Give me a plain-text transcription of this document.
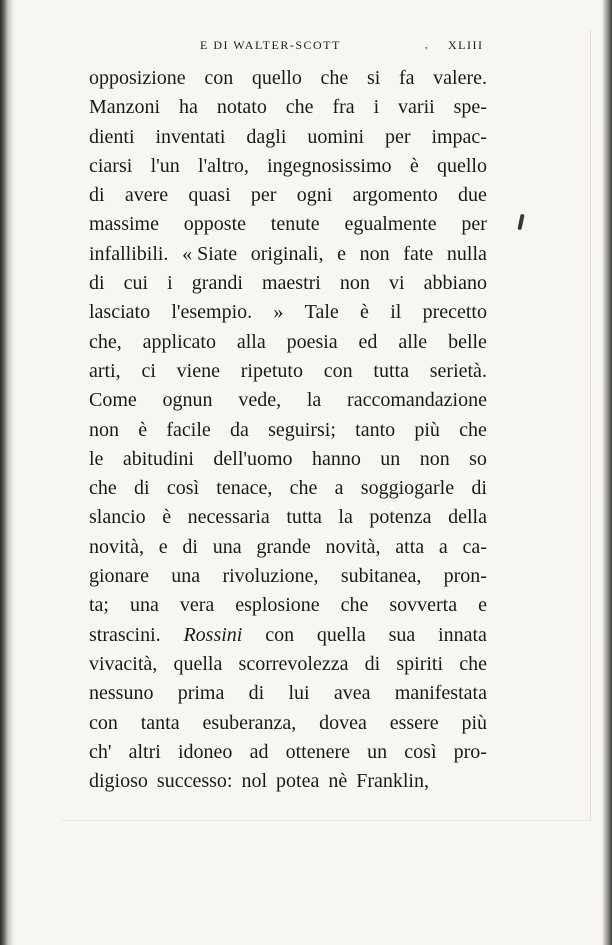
E DI WALTER-SCOTT	, XLIII
opposizione con quello che si fa valere.
Manzoni ha notato che fra i varii spe-
dienti inventati dagli uomini per impac-
ciarsi l'un l'altro, ingegnosissimo è quello
di avere quasi per ogni argomento due
massime opposte tenute egualmente per
infallibili. « Siate originali, e non fate nulla
di cui i grandi maestri non vi abbiano
lasciato l'esempio. » Tale è il precetto
che, applicato alla poesia ed alle belle
arti, ci viene ripetuto con tutta serietà.
Come ognun vede, la raccomandazione
non è facile da seguirsi; tanto più che
le abitudini dell'uomo hanno un non so
che di così tenace, che a soggiogarle di
slancio è necessaria tutta la potenza della
novità, e di una grande novità, atta a ca-
gionare una rivoluzione, subitanea, pron-
ta; una vera esplosione che sovverta e
strascini. Rossini con quella sua innata
vivacità, quella scorrevolezza di spiriti che
nessuno prima di lui avea manifestata
con tanta esuberanza, dovea essere più
ch' altri idoneo ad ottenere un così pro-
digioso successo: nol potea nè Franklin,
